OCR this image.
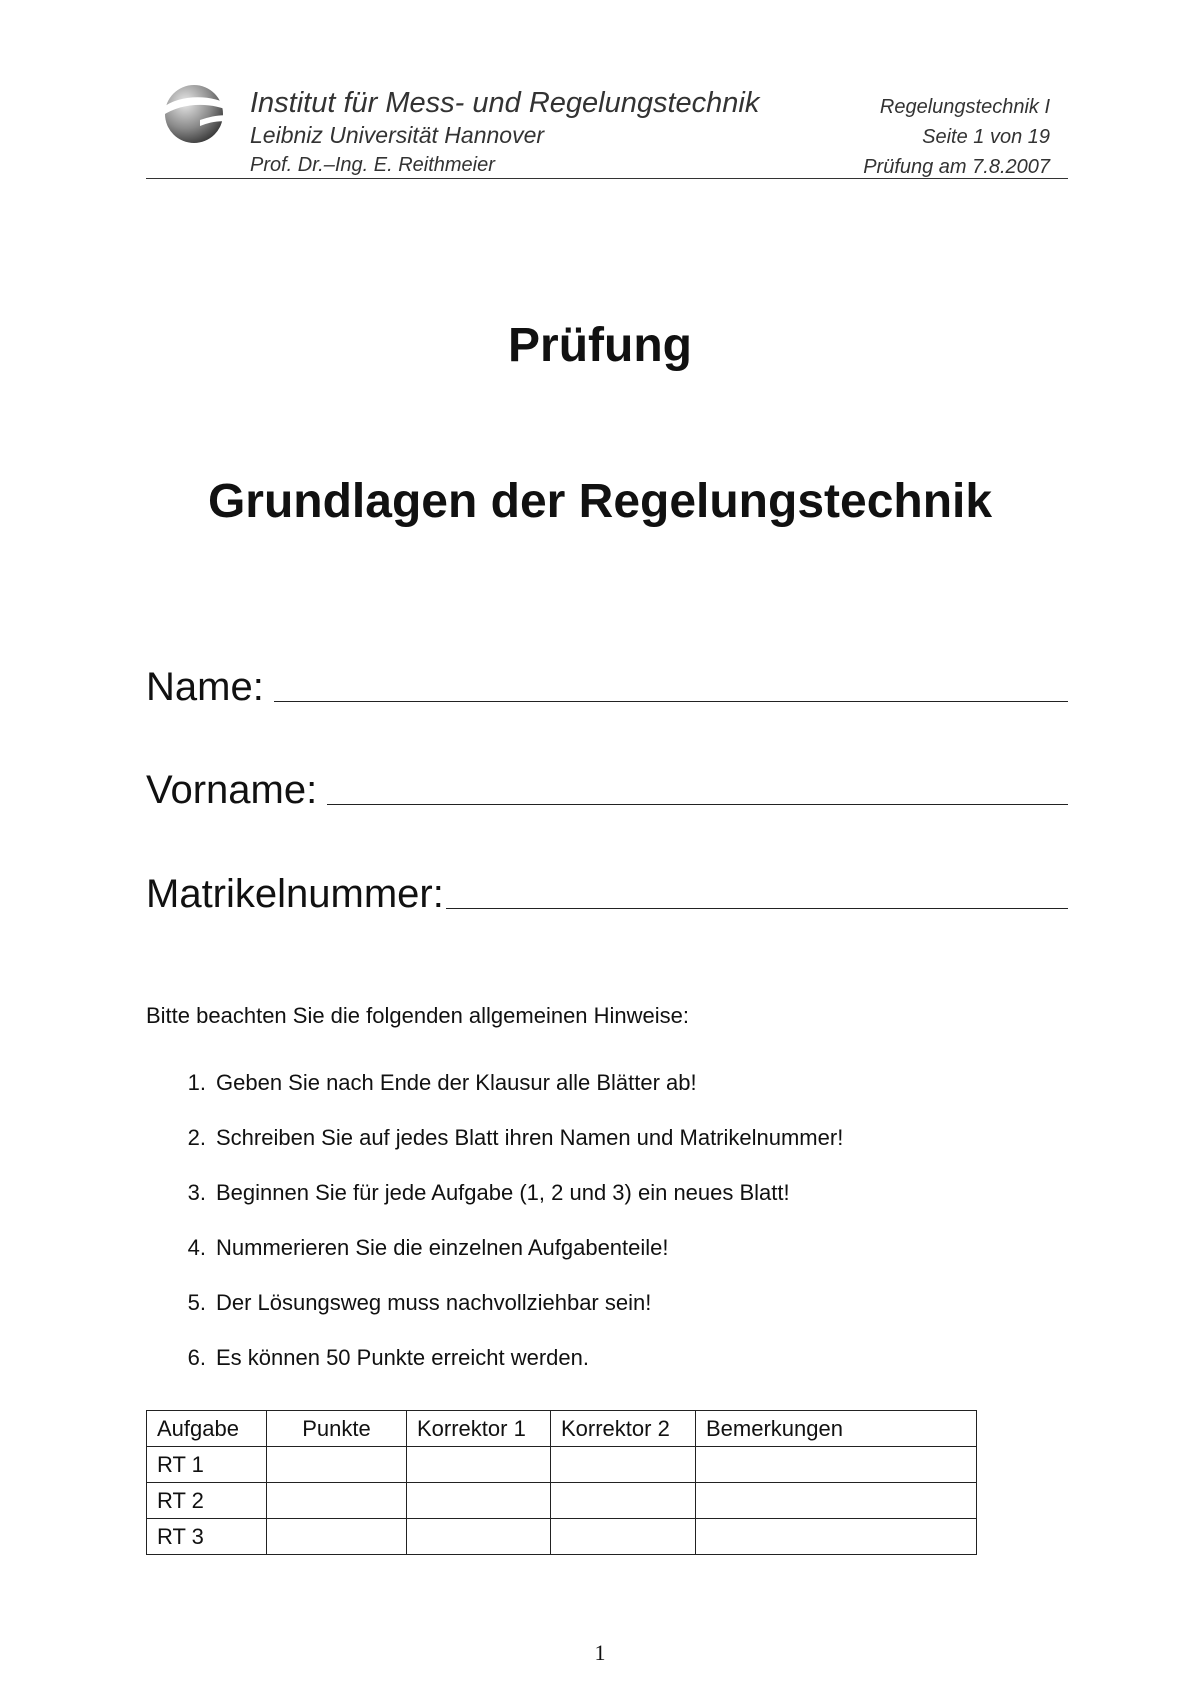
Institut für Mess- und Regelungstechnik
Leibniz Universität Hannover
Prof. Dr.–Ing. E. Reithmeier
Regelungstechnik I
Seite 1 von 19
Prüfung am 7.8.2007
Prüfung
Grundlagen der Regelungstechnik
Name:
Vorname:
Matrikelnummer:
Bitte beachten Sie die folgenden allgemeinen Hinweise:
1. Geben Sie nach Ende der Klausur alle Blätter ab!
2. Schreiben Sie auf jedes Blatt ihren Namen und Matrikelnummer!
3. Beginnen Sie für jede Aufgabe (1, 2 und 3) ein neues Blatt!
4. Nummerieren Sie die einzelnen Aufgabenteile!
5. Der Lösungsweg muss nachvollziehbar sein!
6. Es können 50 Punkte erreicht werden.
Aufgabe	Punkte	Korrektor 1	Korrektor 2	Bemerkungen
RT 1				
RT 2				
RT 3				
1
